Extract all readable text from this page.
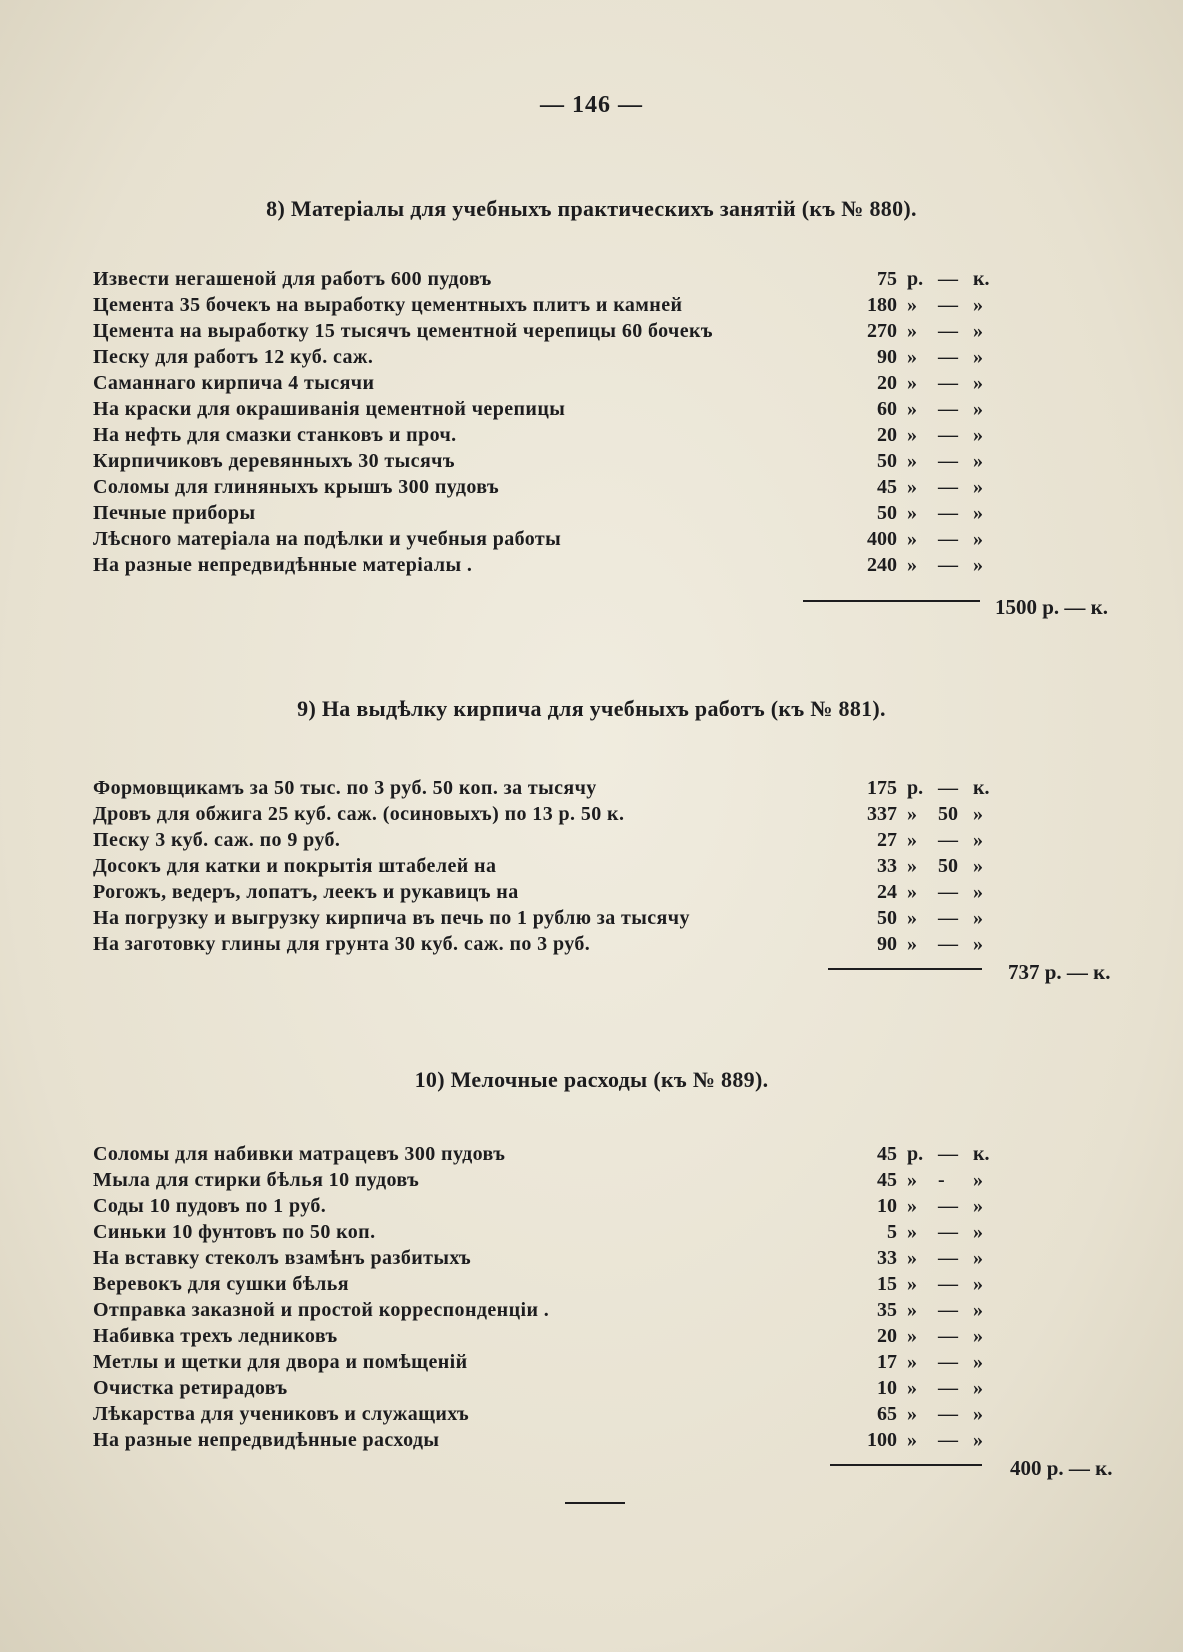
— 146 —
8) Матеріалы для учебныхъ практическихъ занятій (къ № 880).
Извести негашеной для работъ 600 пудовъ	75 р. — к.
Цемента 35 бочекъ на выработку цементныхъ плитъ и камней	180 » — »
Цемента на выработку 15 тысячъ цементной черепицы 60 бочекъ	270 » — »
Песку для работъ 12 куб. саж.	90 » — »
Саманнаго кирпича 4 тысячи	20 » — »
На краски для окрашиванія цементной черепицы	60 » — »
На нефть для смазки станковъ и проч.	20 » — »
Кирпичиковъ деревянныхъ 30 тысячъ	50 » — »
Соломы для глиняныхъ крышъ 300 пудовъ	45 » — »
Печные приборы	50 » — »
Лѣсного матеріала на подѣлки и учебныя работы	400 » — »
На разные непредвидѣнные матеріалы .	240 » — »
1500 р. — к.
9) На выдѣлку кирпича для учебныхъ работъ (къ № 881).
Формовщикамъ за 50 тыс. по 3 руб. 50 коп. за тысячу	175 р. — к.
Дровъ для обжига 25 куб. саж. (осиновыхъ) по 13 р. 50 к.	337 » 50 »
Песку 3 куб. саж. по 9 руб.	27 » — »
Досокъ для катки и покрытія штабелей на	33 » 50 »
Рогожъ, ведеръ, лопатъ, леекъ и рукавицъ на	24 » — »
На погрузку и выгрузку кирпича въ печь по 1 рублю за тысячу	50 » — »
На заготовку глины для грунта 30 куб. саж. по 3 руб.	90 » — »
737 р. — к.
10) Мелочные расходы (къ № 889).
Соломы для набивки матрацевъ 300 пудовъ	45 р. — к.
Мыла для стирки бѣлья 10 пудовъ	45 » - »
Соды 10 пудовъ по 1 руб.	10 » — »
Синьки 10 фунтовъ по 50 коп.	5 » — »
На вставку стеколъ взамѣнъ разбитыхъ	33 » — »
Веревокъ для сушки бѣлья	15 » — »
Отправка заказной и простой корреспонденціи .	35 » — »
Набивка трехъ ледниковъ	20 » — »
Метлы и щетки для двора и помѣщеній	17 » — »
Очистка ретирадовъ	10 » — »
Лѣкарства для учениковъ и служащихъ	65 » — »
На разные непредвидѣнные расходы	100 » — »
400 р. — к.
